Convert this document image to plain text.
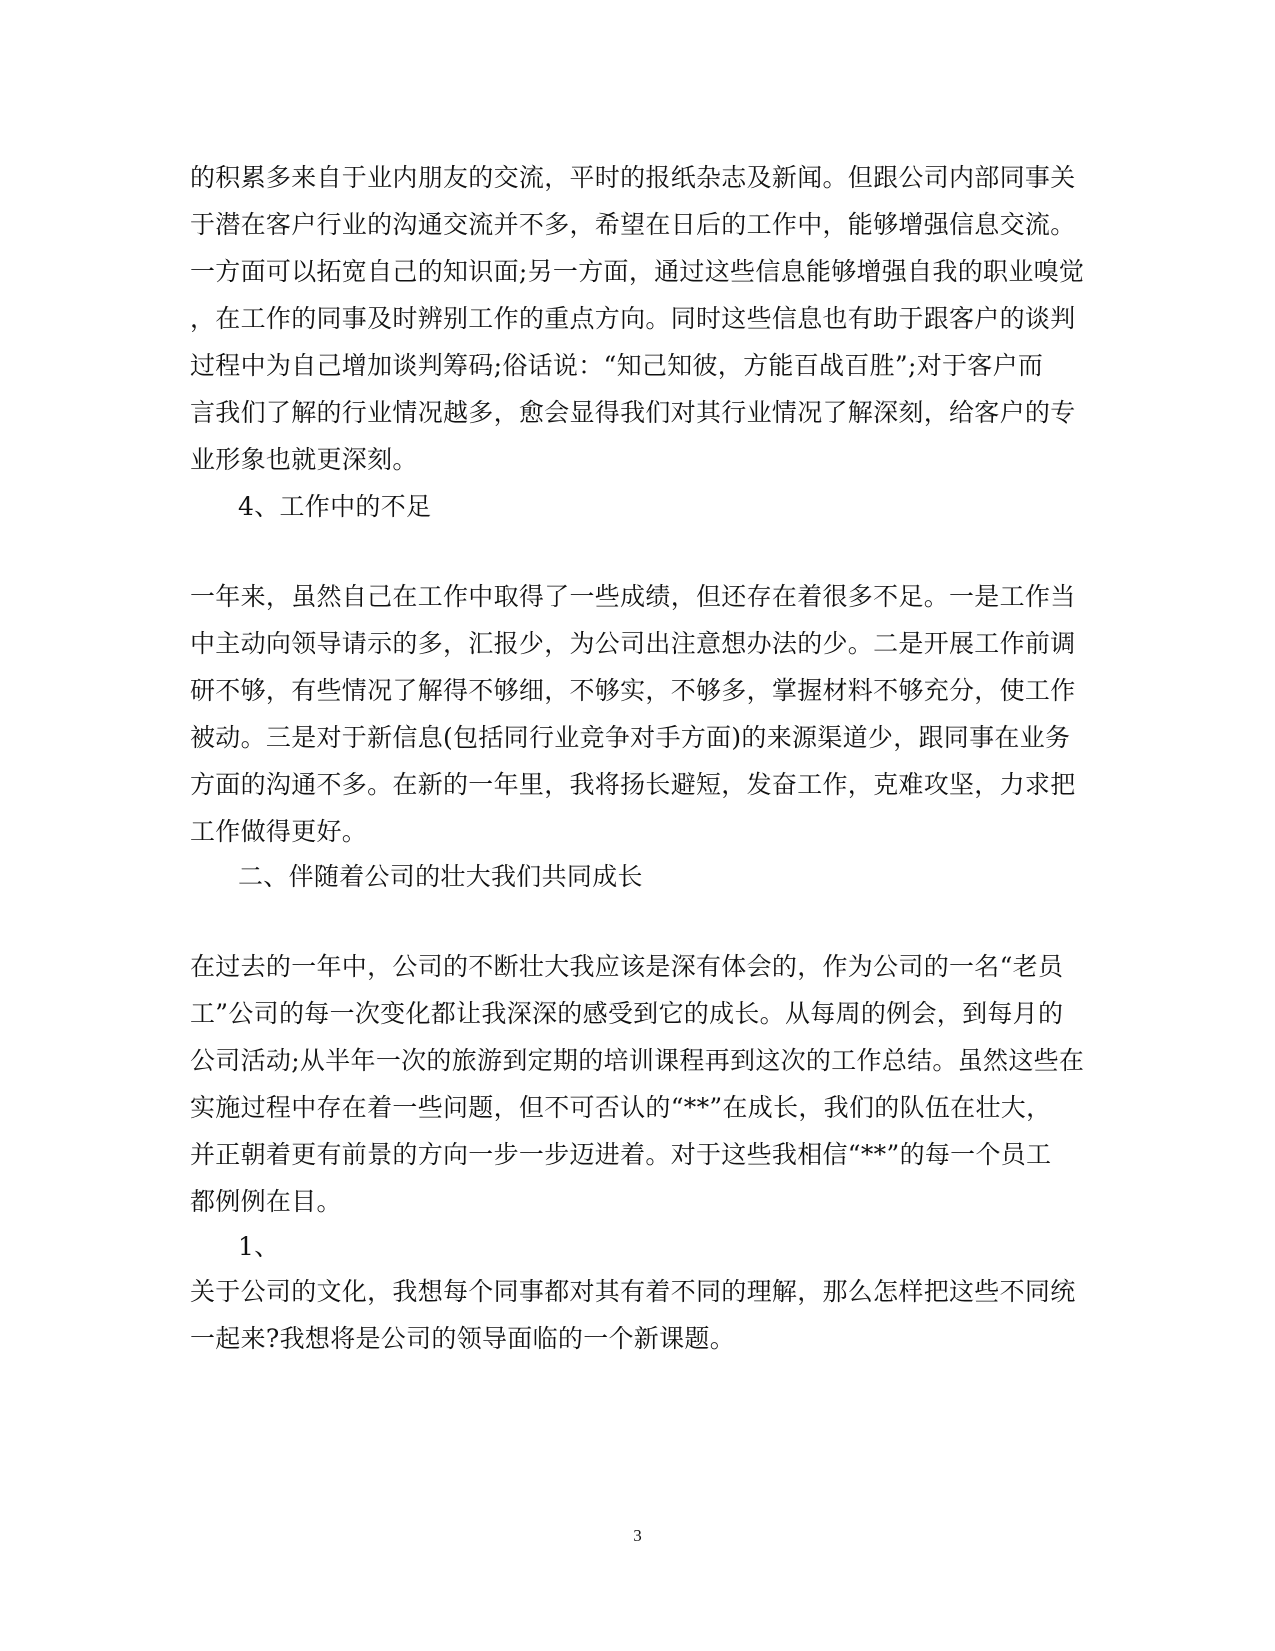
的积累多来自于业内朋友的交流，平时的报纸杂志及新闻。但跟公司内部同事关
于潜在客户行业的沟通交流并不多，希望在日后的工作中，能够增强信息交流。
一方面可以拓宽自己的知识面;另一方面，通过这些信息能够增强自我的职业嗅觉
，在工作的同事及时辨别工作的重点方向。同时这些信息也有助于跟客户的谈判
过程中为自己增加谈判筹码;俗话说：“知己知彼，方能百战百胜”;对于客户而
言我们了解的行业情况越多，愈会显得我们对其行业情况了解深刻，给客户的专
业形象也就更深刻。
4、工作中的不足
一年来，虽然自己在工作中取得了一些成绩，但还存在着很多不足。一是工作当
中主动向领导请示的多，汇报少，为公司出注意想办法的少。二是开展工作前调
研不够，有些情况了解得不够细，不够实，不够多，掌握材料不够充分，使工作
被动。三是对于新信息(包括同行业竞争对手方面)的来源渠道少，跟同事在业务
方面的沟通不多。在新的一年里，我将扬长避短，发奋工作，克难攻坚，力求把
工作做得更好。
二、伴随着公司的壮大我们共同成长
在过去的一年中，公司的不断壮大我应该是深有体会的，作为公司的一名“老员
工”公司的每一次变化都让我深深的感受到它的成长。从每周的例会，到每月的
公司活动;从半年一次的旅游到定期的培训课程再到这次的工作总结。虽然这些在
实施过程中存在着一些问题，但不可否认的“**”在成长，我们的队伍在壮大，
并正朝着更有前景的方向一步一步迈进着。对于这些我相信“**”的每一个员工
都例例在目。
1、
关于公司的文化，我想每个同事都对其有着不同的理解，那么怎样把这些不同统
一起来?我想将是公司的领导面临的一个新课题。
3
